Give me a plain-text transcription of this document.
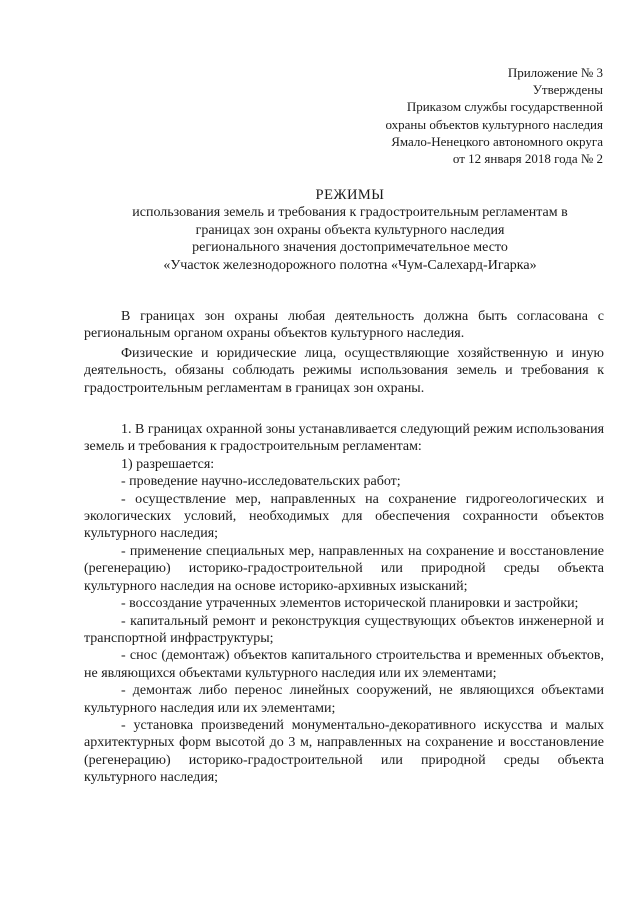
Приложение № 3
Утверждены
Приказом службы государственной
охраны объектов культурного наследия
Ямало-Ненецкого автономного округа
от 12 января 2018 года № 2
РЕЖИМЫ
использования земель и требования к градостроительным регламентам в
границах зон охраны объекта культурного наследия
регионального значения достопримечательное место
«Участок железнодорожного полотна «Чум-Салехард-Игарка»

В границах зон охраны любая деятельность должна быть согласована с региональным органом охраны объектов культурного наследия.

Физические и юридические лица, осуществляющие хозяйственную и иную деятельность, обязаны соблюдать режимы использования земель и требования к градостроительным регламентам в границах зон охраны.

1. В границах охранной зоны устанавливается следующий режим использования земель и требования к градостроительным регламентам:

1) разрешается:

- проведение научно-исследовательских работ;

- осуществление мер, направленных на сохранение гидрогеологических и экологических условий, необходимых для обеспечения сохранности объектов культурного наследия;

- применение специальных мер, направленных на сохранение и восстановление (регенерацию) историко-градостроительной или природной среды объекта культурного наследия на основе историко-архивных изысканий;

- воссоздание утраченных элементов исторической планировки и застройки;

- капитальный ремонт и реконструкция существующих объектов инженерной и транспортной инфраструктуры;

- снос (демонтаж) объектов капитального строительства и временных объектов, не являющихся объектами культурного наследия или их элементами;

- демонтаж либо перенос линейных сооружений, не являющихся объектами культурного наследия или их элементами;

- установка произведений монументально-декоративного искусства и малых архитектурных форм высотой до 3 м, направленных на сохранение и восстановление (регенерацию) историко-градостроительной или природной среды объекта культурного наследия;
